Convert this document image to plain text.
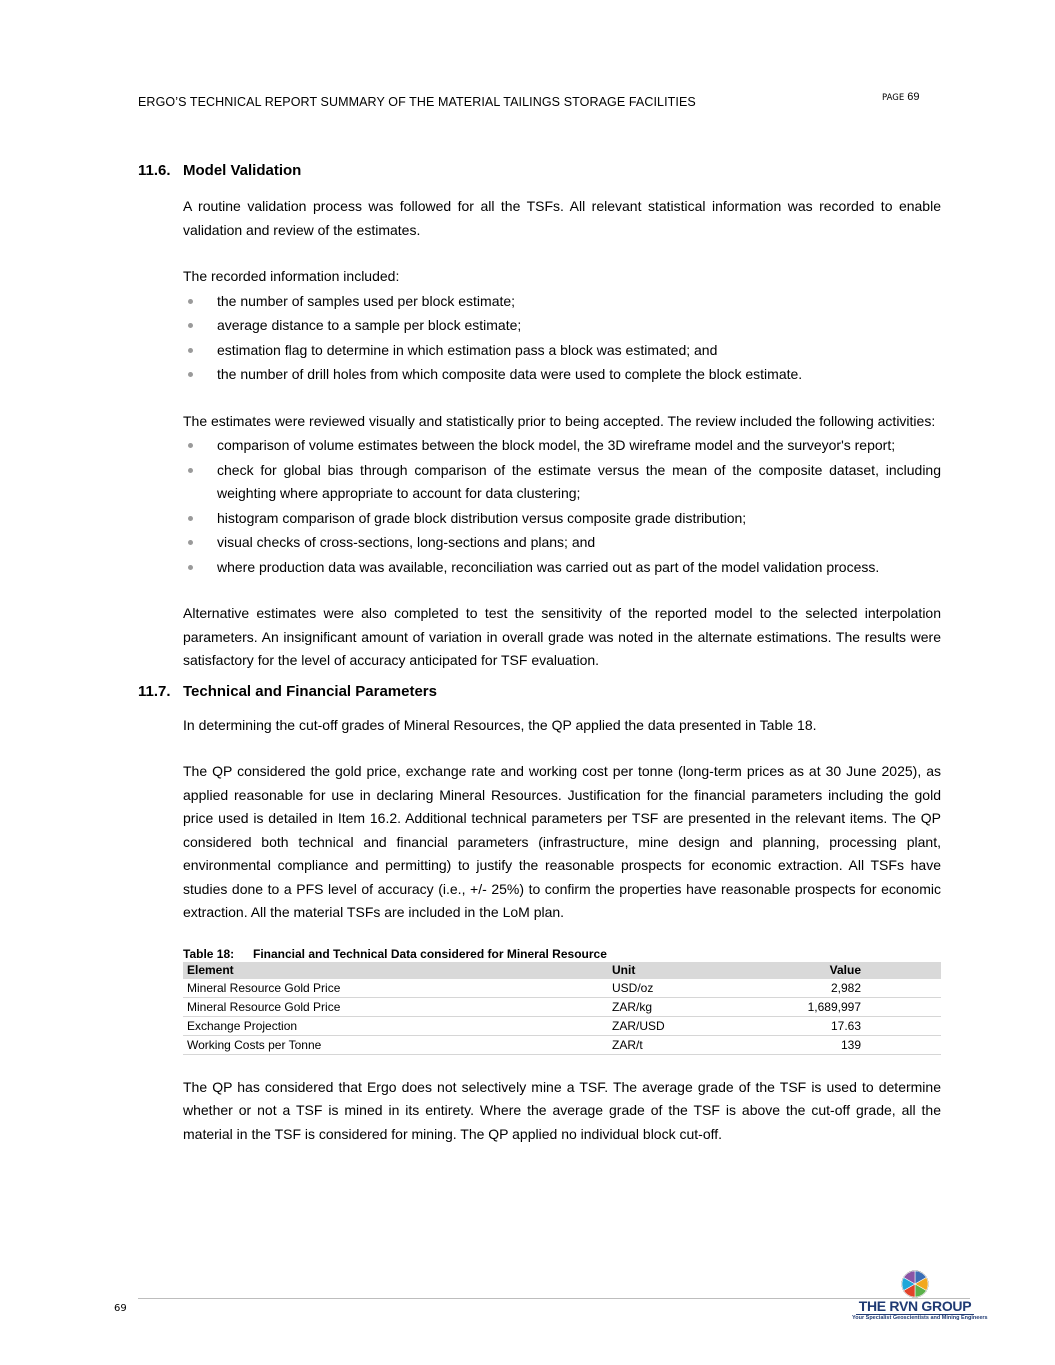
ERGO’S TECHNICAL REPORT SUMMARY OF THE MATERIAL TAILINGS STORAGE FACILITIES	PAGE 69
11.6. Model Validation

A routine validation process was followed for all the TSFs. All relevant statistical information was recorded to enable validation and review of the estimates.

The recorded information included:

the number of samples used per block estimate;
average distance to a sample per block estimate;
estimation flag to determine in which estimation pass a block was estimated; and
the number of drill holes from which composite data were used to complete the block estimate.

The estimates were reviewed visually and statistically prior to being accepted. The review included the following activities:

comparison of volume estimates between the block model, the 3D wireframe model and the surveyor's report;
check for global bias through comparison of the estimate versus the mean of the composite dataset, including weighting where appropriate to account for data clustering;
histogram comparison of grade block distribution versus composite grade distribution;
visual checks of cross-sections, long-sections and plans; and
where production data was available, reconciliation was carried out as part of the model validation process.

Alternative estimates were also completed to test the sensitivity of the reported model to the selected interpolation parameters. An insignificant amount of variation in overall grade was noted in the alternate estimations. The results were satisfactory for the level of accuracy anticipated for TSF evaluation.

11.7. Technical and Financial Parameters

In determining the cut-off grades of Mineral Resources, the QP applied the data presented in Table 18.

The QP considered the gold price, exchange rate and working cost per tonne (long-term prices as at 30 June 2025), as applied reasonable for use in declaring Mineral Resources. Justification for the financial parameters including the gold price used is detailed in Item 16.2. Additional technical parameters per TSF are presented in the relevant items. The QP considered both technical and financial parameters (infrastructure, mine design and planning, processing plant, environmental compliance and permitting) to justify the reasonable prospects for economic extraction. All TSFs have studies done to a PFS level of accuracy (i.e., +/- 25%) to confirm the properties have reasonable prospects for economic extraction. All the material TSFs are included in the LoM plan.

Table 18: Financial and Technical Data considered for Mineral Resource
Element	Unit	Value
Mineral Resource Gold Price	USD/oz	2,982
Mineral Resource Gold Price	ZAR/kg	1,689,997
Exchange Projection	ZAR/USD	17.63
Working Costs per Tonne	ZAR/t	139

The QP has considered that Ergo does not selectively mine a TSF. The average grade of the TSF is used to determine whether or not a TSF is mined in its entirety. Where the average grade of the TSF is above the cut-off grade, all the material in the TSF is considered for mining. The QP applied no individual block cut-off.

69	THE RVN GROUP
Your Specialist Geoscientists and Mining Engineers
